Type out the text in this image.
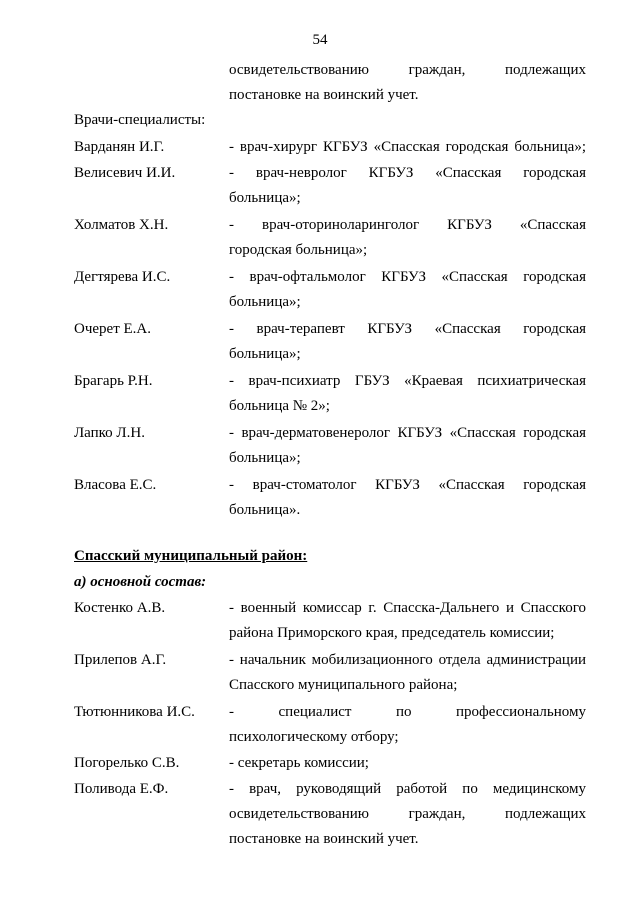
54
освидетельствованию граждан, подлежащих
постановке на воинский учет.
Врачи-специалисты:
Варданян И.Г.	- врач-хирург КГБУЗ «Спасская городская больница»;
Велисевич И.И.	- врач-невролог КГБУЗ «Спасская городская
больница»;
Холматов Х.Н.	- врач-оториноларинголог КГБУЗ «Спасская
городская больница»;
Дегтярева И.С.	- врач-офтальмолог КГБУЗ «Спасская городская
больница»;
Очерет Е.А.	- врач-терапевт КГБУЗ «Спасская городская
больница»;
Брагарь Р.Н.	- врач-психиатр ГБУЗ «Краевая психиатрическая
больница № 2»;
Лапко Л.Н.	- врач-дерматовенеролог КГБУЗ «Спасская городская
больница»;
Власова Е.С.	- врач-стоматолог КГБУЗ «Спасская городская
больница».
Спасский муниципальный район:
а) основной состав:
Костенко А.В.	- военный комиссар г. Спасска-Дальнего и Спасского
района Приморского края, председатель комиссии;
Прилепов А.Г.	- начальник мобилизационного отдела администрации
Спасского муниципального района;
Тютюнникова И.С. - специалист по профессиональному
психологическому отбору;
Погорелько С.В.	- секретарь комиссии;
Поливода Е.Ф.	- врач, руководящий работой по медицинскому
освидетельствованию граждан, подлежащих
постановке на воинский учет.
